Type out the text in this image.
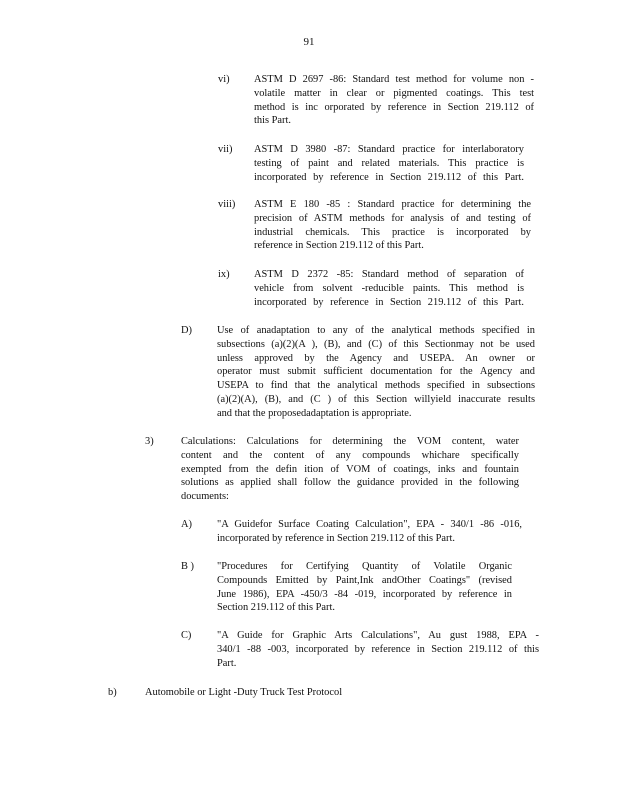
91
vi) ASTM D 2697 -86: Standard test method for volume non -
volatile matter in clear or pigmented coatings. This test
method is inc orporated by reference in Section 219.112 of
this Part.
vii) ASTM D 3980 -87: Standard practice for interlaboratory
testing of paint and related materials. This practice is
incorporated by reference in Section 219.112 of this Part.
viii) ASTM E 180 -85 : Standard practice for determining the
precision of ASTM methods for analysis of and testing of
industrial chemicals. This practice is incorporated by
reference in Section 219.112 of this Part.
ix) ASTM D 2372 -85: Standard method of separation of
vehicle from solvent -reducible paints. This method is
incorporated by reference in Section 219.112 of this Part.
D) Use of anadaptation to any of the analytical methods specified in
subsections (a)(2)(A ), (B), and (C) of this Sectionmay not be used
unless approved by the Agency and USEPA. An owner or
operator must submit sufficient documentation for the Agency and
USEPA to find that the analytical methods specified in subsections
(a)(2)(A), (B), and (C ) of this Section willyield inaccurate results
and that the proposedadaptation is appropriate.
3)	Calculations: Calculations for determining the VOM content, water
content and the content of any compounds whichare specifically
exempted from the defin ition of VOM of coatings, inks and fountain
solutions as applied shall follow the guidance provided in the following
documents:
A) "A Guidefor Surface Coating Calculation", EPA - 340/1 -86 -016,
incorporated by reference in Section 219.112 of this Part.
B ) "Procedures for Certifying Quantity of Volatile Organic
Compounds Emitted by Paint,Ink andOther Coatings" (revised
June 1986), EPA -450/3 -84 -019, incorporated by reference in
Section 219.112 of this Part.
C) "A Guide for Graphic Arts Calculations", Au gust 1988, EPA -
340/1 -88 -003, incorporated by reference in Section 219.112 of this
Part.
b)	Automobile or Light -Duty Truck Test Protocol
